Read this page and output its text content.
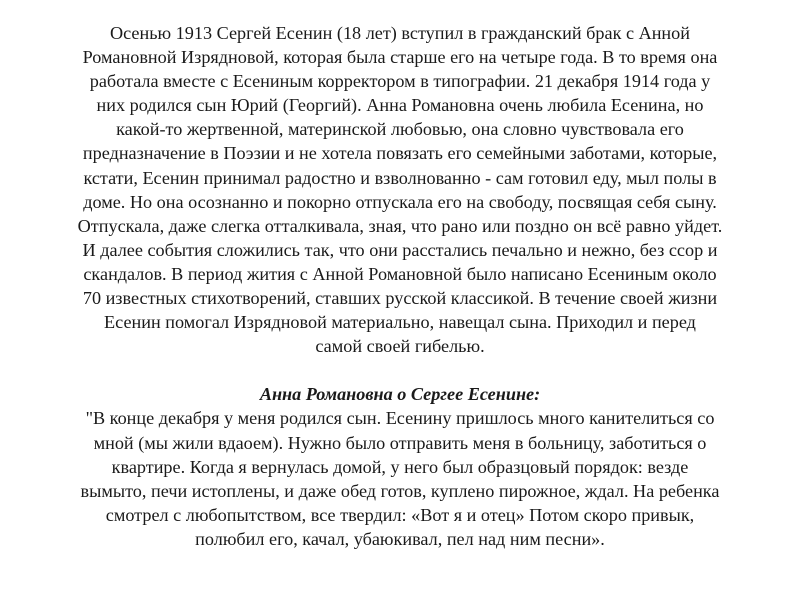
Осенью 1913 Сергей Есенин (18 лет) вступил в гражданский брак с Анной
Романовной Изрядновой, которая была старше его на четыре года. В то время она
работала вместе с Есениным корректором в типографии. 21 декабря 1914 года у
них родился сын Юрий (Георгий). Анна Романовна очень любила Есенина, но
какой-то жертвенной, материнской любовью, она словно чувствовала его
предназначение в Поэзии и не хотела повязать его семейными заботами, которые,
кстати, Есенин принимал радостно и взволнованно - сам готовил еду, мыл полы в
доме. Но она осознанно и покорно отпускала его на свободу, посвящая себя сыну.
Отпускала, даже слегка отталкивала, зная, что рано или поздно он всё равно уйдет.
И далее события сложились так, что они расстались печально и нежно, без ссор и
скандалов. В период жития с Анной Романовной было написано Есениным около
70 известных стихотворений, ставших русской классикой. В течение своей жизни
Есенин помогал Изрядновой материально, навещал сына. Приходил и перед
самой своей гибелью.
Анна Романовна о Сергее Есенине:
"В конце декабря у меня родился сын. Есенину пришлось много канителиться со
мной (мы жили вдаоем). Нужно было отправить меня в больницу, заботиться о
квартире. Когда я вернулась домой, у него был образцовый порядок: везде
вымыто, печи истоплены, и даже обед готов, куплено пирожное, ждал. На ребенка
смотрел с любопытством, все твердил: «Вот я и отец» Потом скоро привык,
полюбил его, качал, убаюкивал, пел над ним песни».
